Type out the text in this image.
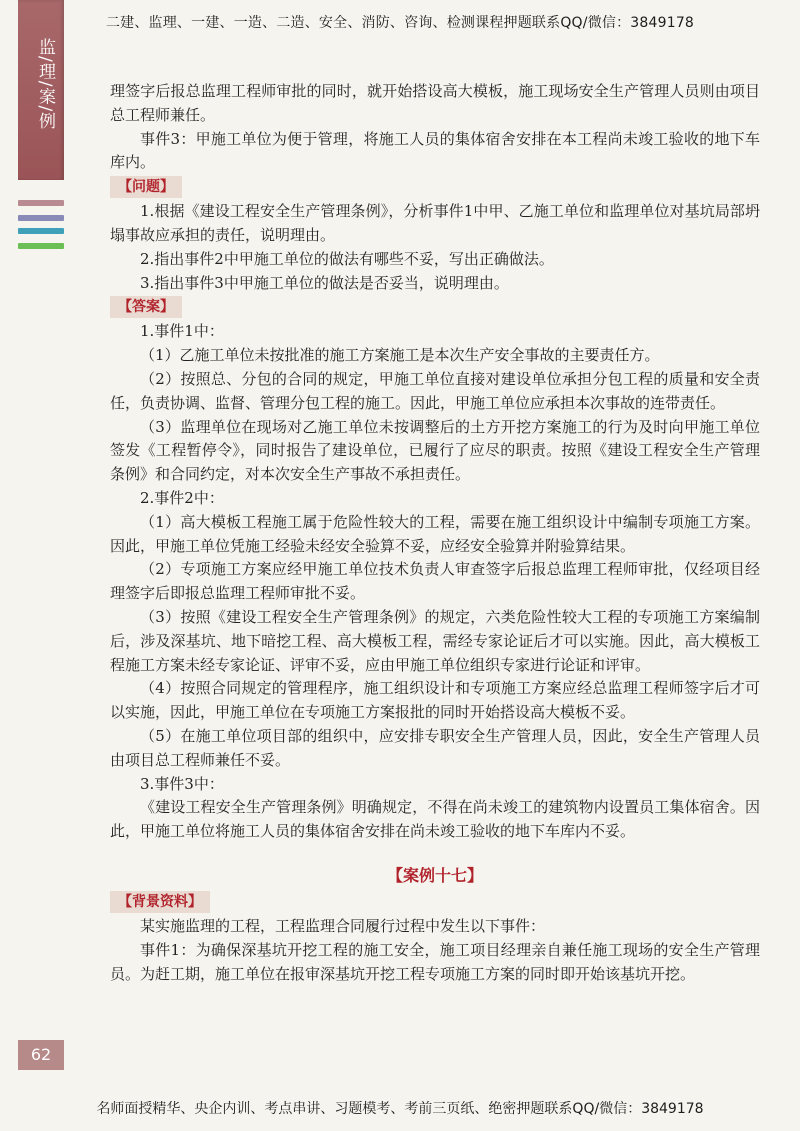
二建、监理、一建、一造、二造、安全、消防、咨询、检测课程押题联系QQ/微信：3849178
监/理/案/例	理签字后报总监理工程师审批的同时，就开始搭设高大模板，施工现场安全生产管理人员则由项目总工程师兼任。

事件3：甲施工单位为便于管理，将施工人员的集体宿舍安排在本工程尚未竣工验收的地下车库内。

【问题】

1.根据《建设工程安全生产管理条例》，分析事件1中甲、乙施工单位和监理单位对基坑局部坍塌事故应承担的责任，说明理由。

2.指出事件2中甲施工单位的做法有哪些不妥，写出正确做法。

3.指出事件3中甲施工单位的做法是否妥当，说明理由。

【答案】

1.事件1中：

（1）乙施工单位未按批准的施工方案施工是本次生产安全事故的主要责任方。

（2）按照总、分包的合同的规定，甲施工单位直接对建设单位承担分包工程的质量和安全责任，负责协调、监督、管理分包工程的施工。因此，甲施工单位应承担本次事故的连带责任。

（3）监理单位在现场对乙施工单位未按调整后的土方开挖方案施工的行为及时向甲施工单位签发《工程暂停令》，同时报告了建设单位，已履行了应尽的职责。按照《建设工程安全生产管理条例》和合同约定，对本次安全生产事故不承担责任。

2.事件2中：

（1）高大模板工程施工属于危险性较大的工程，需要在施工组织设计中编制专项施工方案。因此，甲施工单位凭施工经验未经安全验算不妥，应经安全验算并附验算结果。

（2）专项施工方案应经甲施工单位技术负责人审查签字后报总监理工程师审批，仅经项目经理签字后即报总监理工程师审批不妥。

（3）按照《建设工程安全生产管理条例》的规定，六类危险性较大工程的专项施工方案编制后，涉及深基坑、地下暗挖工程、高大模板工程，需经专家论证后才可以实施。因此，高大模板工程施工方案未经专家论证、评审不妥，应由甲施工单位组织专家进行论证和评审。

（4）按照合同规定的管理程序，施工组织设计和专项施工方案应经总监理工程师签字后才可以实施，因此，甲施工单位在专项施工方案报批的同时开始搭设高大模板不妥。

（5）在施工单位项目部的组织中，应安排专职安全生产管理人员，因此，安全生产管理人员由项目总工程师兼任不妥。

3.事件3中：

《建设工程安全生产管理条例》明确规定，不得在尚未竣工的建筑物内设置员工集体宿舍。因此，甲施工单位将施工人员的集体宿舍安排在尚未竣工验收的地下车库内不妥。

【案例十七】
【背景资料】

某实施监理的工程，工程监理合同履行过程中发生以下事件：

事件1：为确保深基坑开挖工程的施工安全，施工项目经理亲自兼任施工现场的安全生产管理员。为赶工期，施工单位在报审深基坑开挖工程专项施工方案的同时即开始该基坑开挖。

62
名师面授精华、央企内训、考点串讲、习题模考、考前三页纸、绝密押题联系QQ/微信：3849178
